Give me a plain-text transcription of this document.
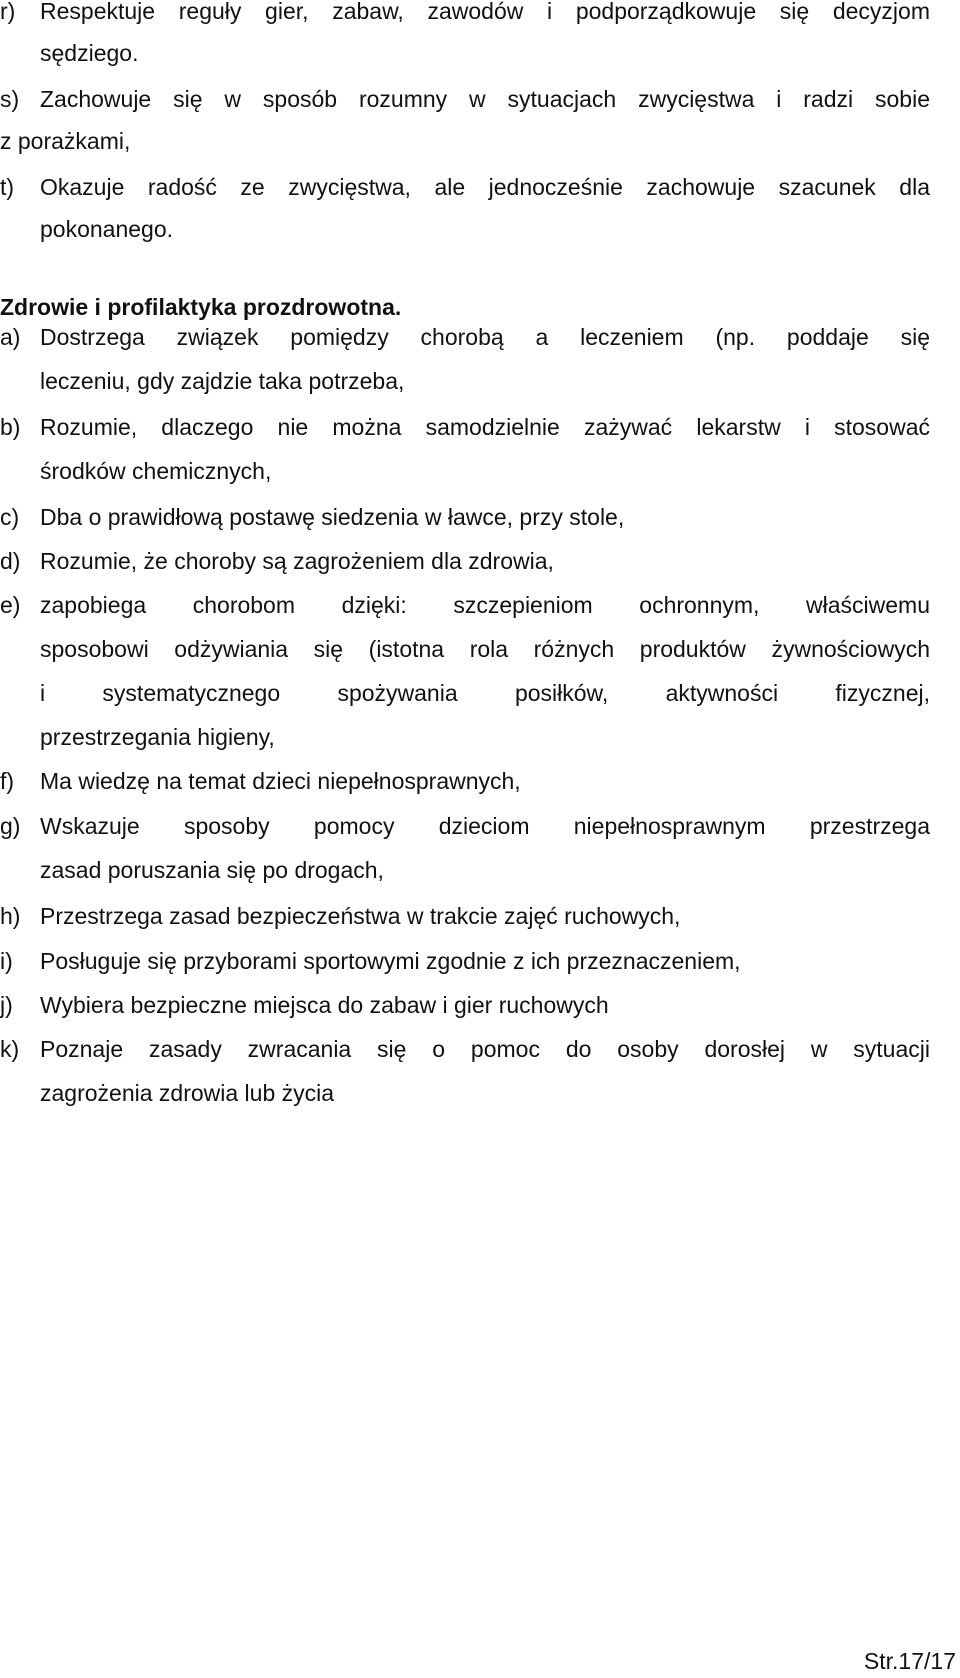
r) Respektuje reguły gier, zabaw, zawodów i podporządkowuje się decyzjom
sędziego.
s) Zachowuje się w sposób rozumny w sytuacjach zwycięstwa i radzi sobie
z porażkami,
t) Okazuje radość ze zwycięstwa, ale jednocześnie zachowuje szacunek dla
pokonanego.
Zdrowie i profilaktyka prozdrowotna.
a) Dostrzega związek pomiędzy chorobą a leczeniem (np. poddaje się
leczeniu, gdy zajdzie taka potrzeba,
b) Rozumie, dlaczego nie można samodzielnie zażywać lekarstw i stosować
środków chemicznych,
c) Dba o prawidłową postawę siedzenia w ławce, przy stole,
d) Rozumie, że choroby są zagrożeniem dla zdrowia,
e) zapobiega chorobom dzięki: szczepieniom ochronnym, właściwemu
sposobowi odżywiania się (istotna rola różnych produktów żywnościowych
i systematycznego spożywania posiłków, aktywności fizycznej,
przestrzegania higieny,
f) Ma wiedzę na temat dzieci niepełnosprawnych,
g) Wskazuje sposoby pomocy dzieciom niepełnosprawnym przestrzega
zasad poruszania się po drogach,
h) Przestrzega zasad bezpieczeństwa w trakcie zajęć ruchowych,
i) Posługuje się przyborami sportowymi zgodnie z ich przeznaczeniem,
j) Wybiera bezpieczne miejsca do zabaw i gier ruchowych
k) Poznaje zasady zwracania się o pomoc do osoby dorosłej w sytuacji
zagrożenia zdrowia lub życia
Str.17/17
